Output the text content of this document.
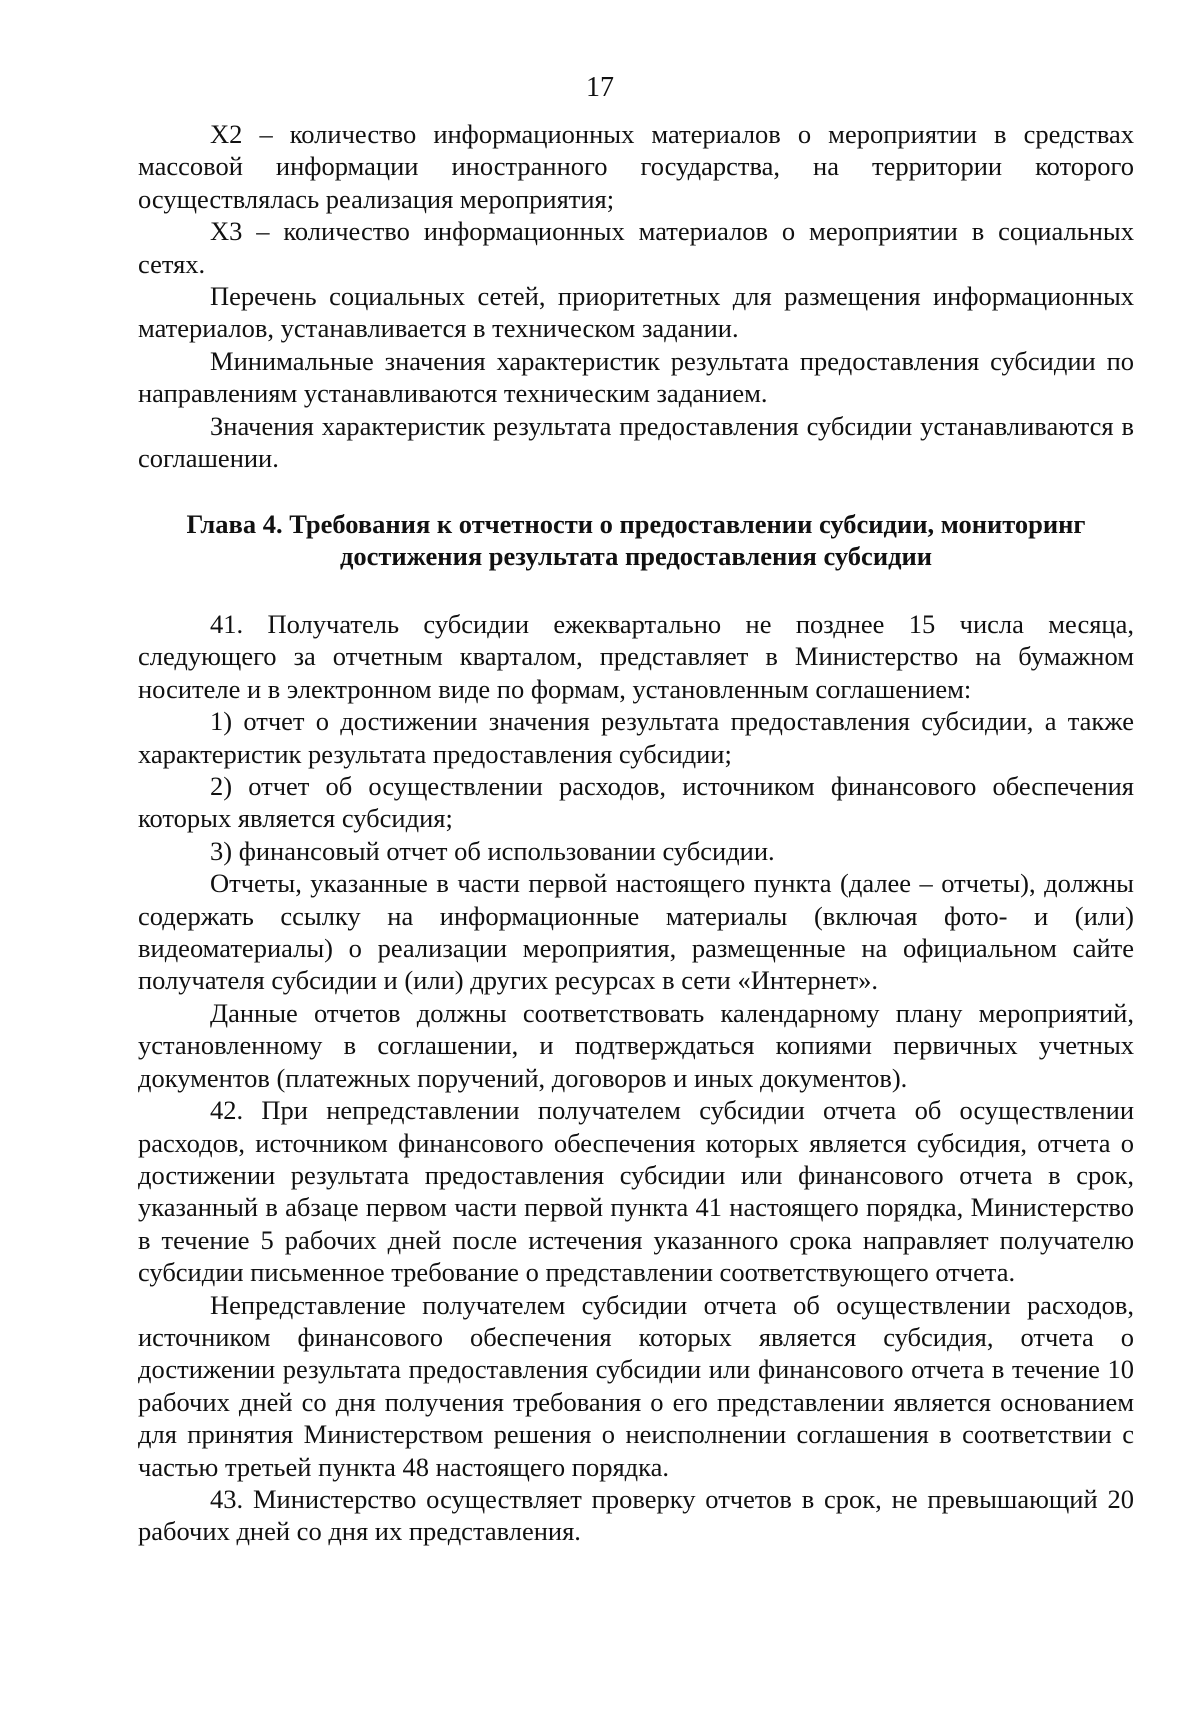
17

Х2 – количество информационных материалов о мероприятии в средствах массовой информации иностранного государства, на территории которого осуществлялась реализация мероприятия;

Х3 – количество информационных материалов о мероприятии в социальных сетях.

Перечень социальных сетей, приоритетных для размещения информационных материалов, устанавливается в техническом задании.

Минимальные значения характеристик результата предоставления субсидии по направлениям устанавливаются техническим заданием.

Значения характеристик результата предоставления субсидии устанавливаются в соглашении.

Глава 4. Требования к отчетности о предоставлении субсидии, мониторинг
достижения результата предоставления субсидии

41. Получатель субсидии ежеквартально не позднее 15 числа месяца, следующего за отчетным кварталом, представляет в Министерство на бумажном носителе и в электронном виде по формам, установленным соглашением:

1) отчет о достижении значения результата предоставления субсидии, а также характеристик результата предоставления субсидии;

2) отчет об осуществлении расходов, источником финансового обеспечения которых является субсидия;

3) финансовый отчет об использовании субсидии.

Отчеты, указанные в части первой настоящего пункта (далее – отчеты), должны содержать ссылку на информационные материалы (включая фото- и (или) видеоматериалы) о реализации мероприятия, размещенные на официальном сайте получателя субсидии и (или) других ресурсах в сети «Интернет».

Данные отчетов должны соответствовать календарному плану мероприятий, установленному в соглашении, и подтверждаться копиями первичных учетных документов (платежных поручений, договоров и иных документов).

42. При непредставлении получателем субсидии отчета об осуществлении расходов, источником финансового обеспечения которых является субсидия, отчета о достижении результата предоставления субсидии или финансового отчета в срок, указанный в абзаце первом части первой пункта 41 настоящего порядка, Министерство в течение 5 рабочих дней после истечения указанного срока направляет получателю субсидии письменное требование о представлении соответствующего отчета.

Непредставление получателем субсидии отчета об осуществлении расходов, источником финансового обеспечения которых является субсидия, отчета о достижении результата предоставления субсидии или финансового отчета в течение 10 рабочих дней со дня получения требования о его представлении является основанием для принятия Министерством решения о неисполнении соглашения в соответствии с частью третьей пункта 48 настоящего порядка.

43. Министерство осуществляет проверку отчетов в срок, не превышающий 20 рабочих дней со дня их представления.
